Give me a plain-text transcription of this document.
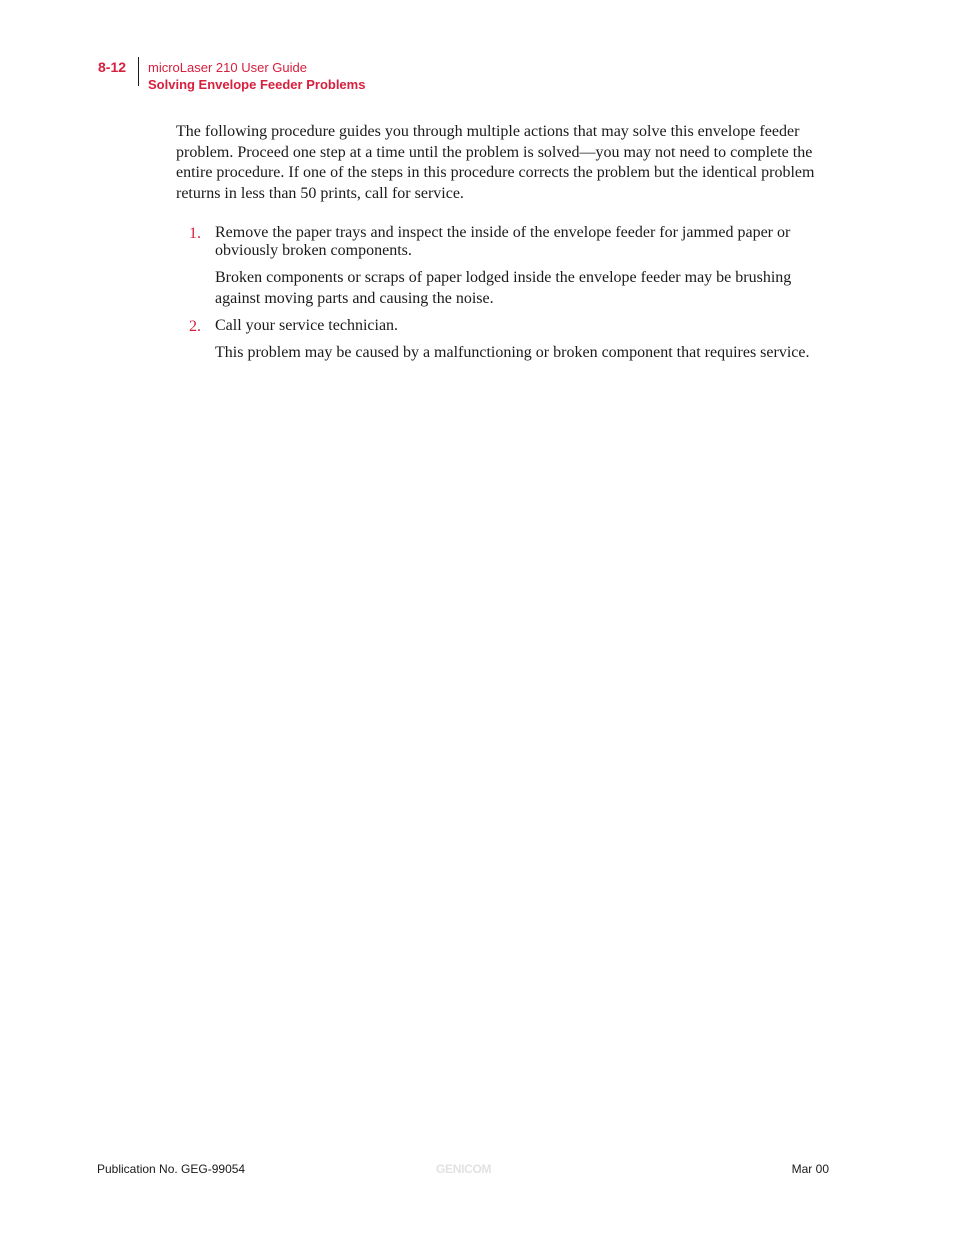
8-12	microLaser 210 User Guide
Solving Envelope Feeder Problems

The following procedure guides you through multiple actions that may solve this envelope feeder problem. Proceed one step at a time until the problem is solved—you may not need to complete the entire procedure. If one of the steps in this procedure corrects the problem but the identical problem returns in less than 50 prints, call for service.

1. Remove the paper trays and inspect the inside of the envelope feeder for jammed paper or obviously broken components.

Broken components or scraps of paper lodged inside the envelope feeder may be brushing against moving parts and causing the noise.

2. Call your service technician.

This problem may be caused by a malfunctioning or broken component that requires service.

Publication No. GEG-99054	GENICOM	Mar 00
